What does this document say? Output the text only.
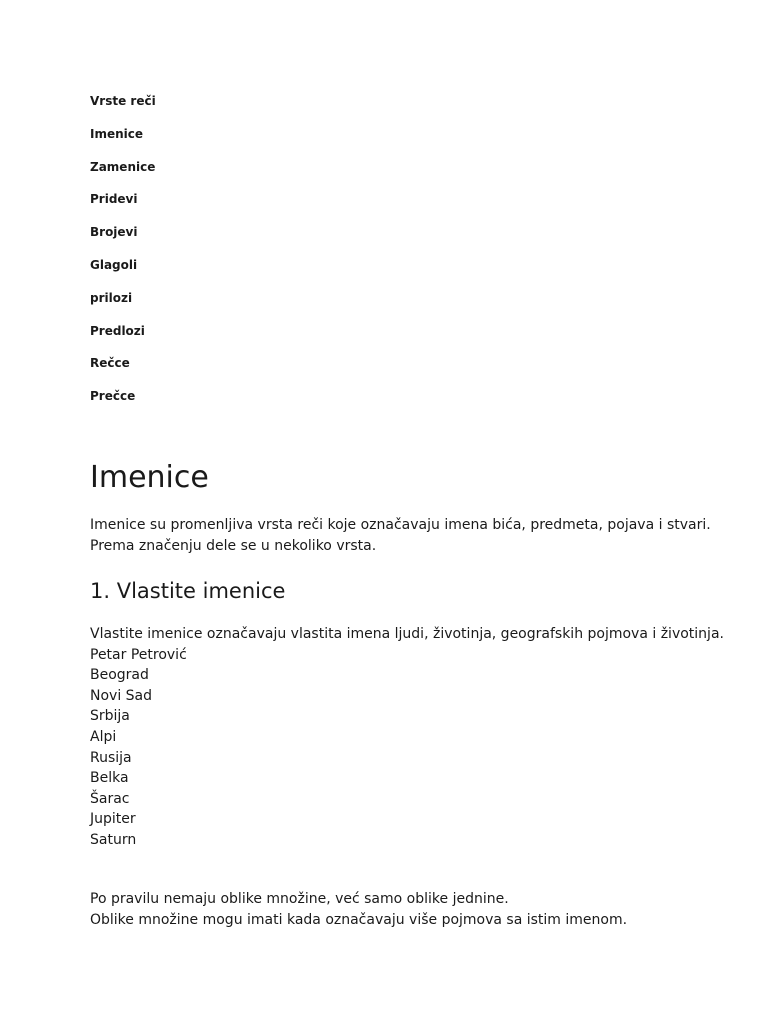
Vrste reči
Imenice
Zamenice
Pridevi
Brojevi
Glagoli
prilozi
Predlozi
Rečce
Prečce
Imenice

Imenice su promenljiva vrsta reči koje označavaju imena bića, predmeta, pojava i stvari.
Prema značenju dele se u nekoliko vrsta.

1. Vlastite imenice

Vlastite imenice označavaju vlastita imena ljudi, životinja, geografskih pojmova i životinja.

Petar Petrović
Beograd
Novi Sad
Srbija
Alpi
Rusija
Belka
Šarac
Jupiter
Saturn

Po pravilu nemaju oblike množine, već samo oblike jednine.

Oblike množine mogu imati kada označavaju više pojmova sa istim imenom.
